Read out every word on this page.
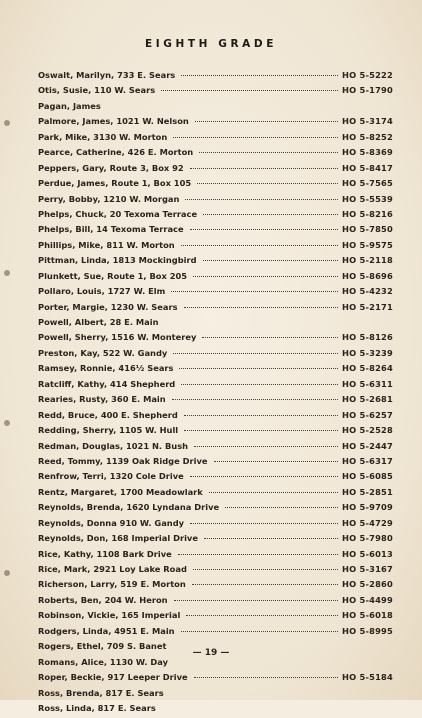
EIGHTH GRADE
Oswalt, Marilyn, 733 E. Sears	HO 5-5222
Otis, Susie, 110 W. Sears	HO 5-1790
Pagan, James
Palmore, James, 1021 W. Nelson	HO 5-3174
Park, Mike, 3130 W. Morton	HO 5-8252
Pearce, Catherine, 426 E. Morton	HO 5-8369
Peppers, Gary, Route 3, Box 92	HO 5-8417
Perdue, James, Route 1, Box 105	HO 5-7565
Perry, Bobby, 1210 W. Morgan	HO 5-5539
Phelps, Chuck, 20 Texoma Terrace	HO 5-8216
Phelps, Bill, 14 Texoma Terrace	HO 5-7850
Phillips, Mike, 811 W. Morton	HO 5-9575
Pittman, Linda, 1813 Mockingbird	HO 5-2118
Plunkett, Sue, Route 1, Box 205	HO 5-8696
Pollaro, Louis, 1727 W. Elm	HO 5-4232
Porter, Margie, 1230 W. Sears	HO 5-2171
Powell, Albert, 28 E. Main
Powell, Sherry, 1516 W. Monterey	HO 5-8126
Preston, Kay, 522 W. Gandy	HO 5-3239
Ramsey, Ronnie, 416½ Sears	HO 5-8264
Ratcliff, Kathy, 414 Shepherd	HO 5-6311
Rearies, Rusty, 360 E. Main	HO 5-2681
Redd, Bruce, 400 E. Shepherd	HO 5-6257
Redding, Sherry, 1105 W. Hull	HO 5-2528
Redman, Douglas, 1021 N. Bush	HO 5-2447
Reed, Tommy, 1139 Oak Ridge Drive	HO 5-6317
Renfrow, Terri, 1320 Cole Drive	HO 5-6085
Rentz, Margaret, 1700 Meadowlark	HO 5-2851
Reynolds, Brenda, 1620 Lyndana Drive	HO 5-9709
Reynolds, Donna 910 W. Gandy	HO 5-4729
Reynolds, Don, 168 Imperial Drive	HO 5-7980
Rice, Kathy, 1108 Bark Drive	HO 5-6013
Rice, Mark, 2921 Loy Lake Road	HO 5-3167
Richerson, Larry, 519 E. Morton	HO 5-2860
Roberts, Ben, 204 W. Heron	HO 5-4499
Robinson, Vickie, 165 Imperial	HO 5-6018
Rodgers, Linda, 4951 E. Main	HO 5-8995
Rogers, Ethel, 709 S. Banet
Romans, Alice, 1130 W. Day
Roper, Beckie, 917 Leeper Drive	HO 5-5184
Ross, Brenda, 817 E. Sears
Ross, Linda, 817 E. Sears
— 19 —
